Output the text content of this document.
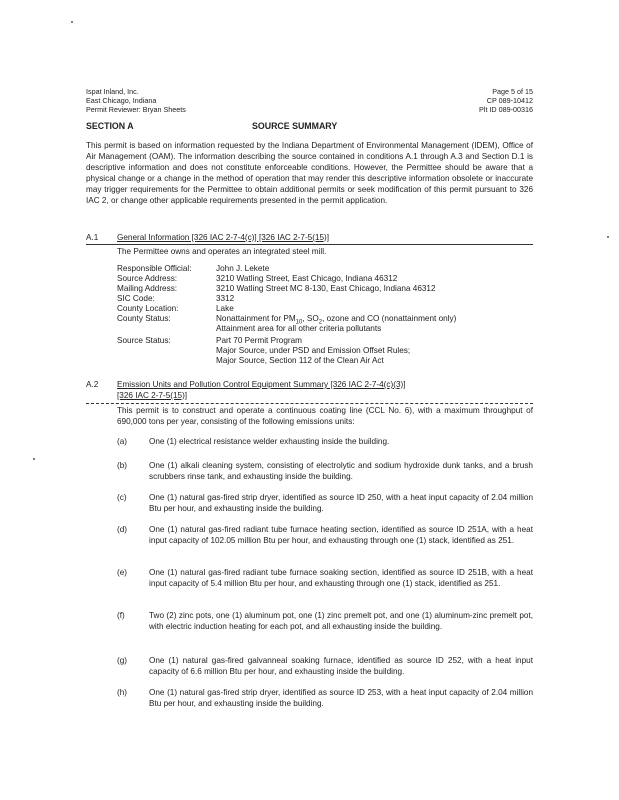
Ispat Inland, Inc.
East Chicago, Indiana
Permit Reviewer: Bryan Sheets
Page 5 of 15
CP 089-10412
Plt ID 089-00316
SECTION A	SOURCE SUMMARY

This permit is based on information requested by the Indiana Department of Environmental Management (IDEM), Office of Air Management (OAM). The information describing the source contained in conditions A.1 through A.3 and Section D.1 is descriptive information and does not constitute enforceable conditions. However, the Permittee should be aware that a physical change or a change in the method of operation that may render this descriptive information obsolete or inaccurate may trigger requirements for the Permittee to obtain additional permits or seek modification of this permit pursuant to 326 IAC 2, or change other applicable requirements presented in the permit application.

A.1 General Information [326 IAC 2-7-4(c)] [326 IAC 2-7-5(15)]
The Permittee owns and operates an integrated steel mill.
Responsible Official:	John J. Lekete
Source Address:	3210 Watling Street, East Chicago, Indiana 46312
Mailing Address:	3210 Watling Street MC 8-130, East Chicago, Indiana 46312
SIC Code:	3312
County Location:	Lake
County Status:	Nonattainment for $PM_{10}$, $SO_2$, ozone and CO (nonattainment only)
Attainment area for all other criteria pollutants
Source Status:	Part 70 Permit Program
Major Source, under PSD and Emission Offset Rules;
Major Source, Section 112 of the Clean Air Act
A.2 Emission Units and Pollution Control Equipment Summary [326 IAC 2-7-4(c)(3)]
[326 IAC 2-7-5(15)]
This permit is to construct and operate a continuous coating line (CCL No. 6), with a maximum throughput of 690,000 tons per year, consisting of the following emissions units:
(a)	One (1) electrical resistance welder exhausting inside the building.
(b)	One (1) alkali cleaning system, consisting of electrolytic and sodium hydroxide dunk tanks, and a brush scrubbers rinse tank, and exhausting inside the building.
(c)	One (1) natural gas-fired strip dryer, identified as source ID 250, with a heat input capacity of 2.04 million Btu per hour, and exhausting inside the building.
(d)	One (1) natural gas-fired radiant tube furnace heating section, identified as source ID 251A, with a heat input capacity of 102.05 million Btu per hour, and exhausting through one (1) stack, identified as 251.
(e)	One (1) natural gas-fired radiant tube furnace soaking section, identified as source ID 251B, with a heat input capacity of 5.4 million Btu per hour, and exhausting through one (1) stack, identified as 251.
(f)	Two (2) zinc pots, one (1) aluminum pot, one (1) zinc premelt pot, and one (1) aluminum-zinc premelt pot, with electric induction heating for each pot, and all exhausting inside the building.
(g)	One (1) natural gas-fired galvanneal soaking furnace, identified as source ID 252, with a heat input capacity of 6.6 million Btu per hour, and exhausting inside the building.
(h)	One (1) natural gas-fired strip dryer, identified as source ID 253, with a heat input capacity of 2.04 million Btu per hour, and exhausting inside the building.
